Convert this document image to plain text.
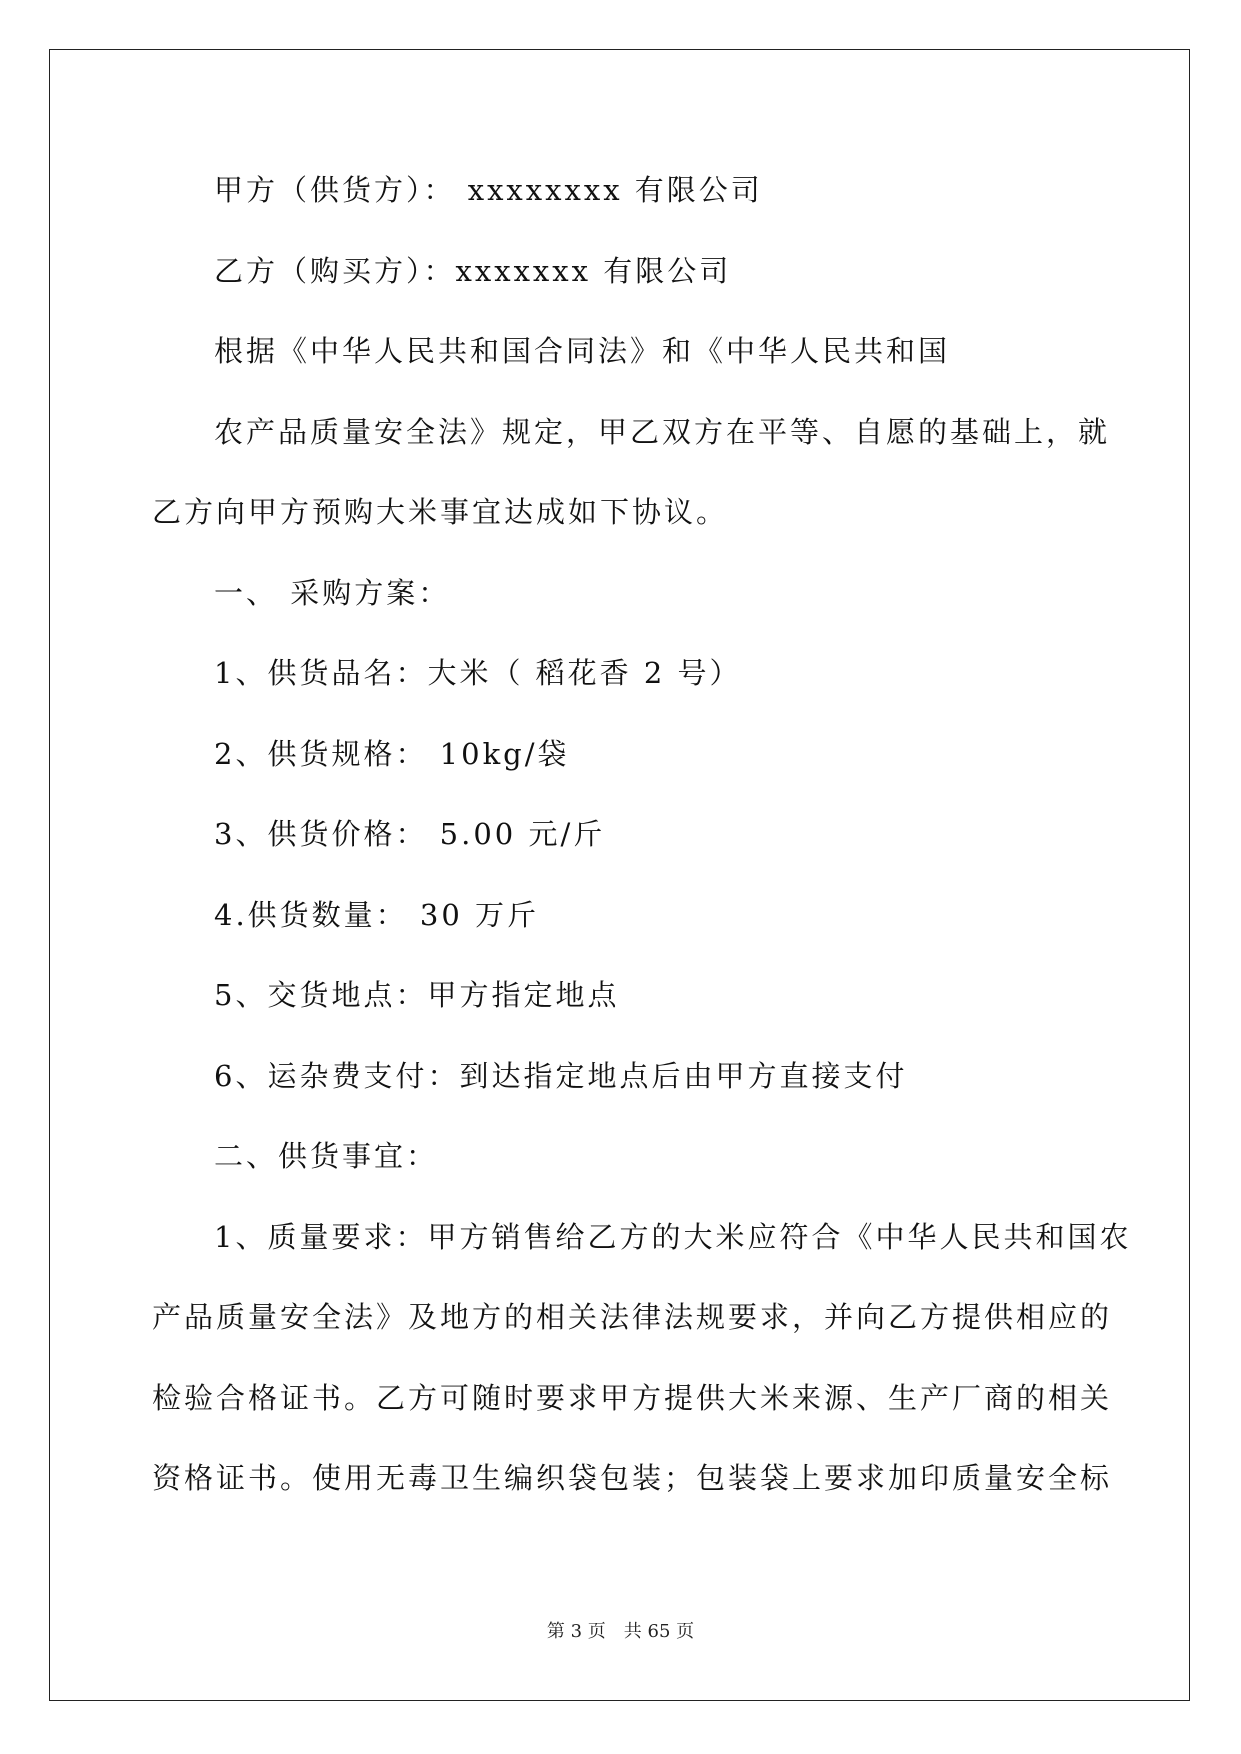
甲方（供货方）： xxxxxxxx 有限公司
乙方（购买方）：xxxxxxx 有限公司
根据《中华人民共和国合同法》和《中华人民共和国
农产品质量安全法》规定，甲乙双方在平等、自愿的基础上，就
乙方向甲方预购大米事宜达成如下协议。
一、 采购方案：
1、供货品名：大米（ 稻花香 2 号）
2、供货规格： 10kg/袋
3、供货价格： 5.00 元/斤
4.供货数量： 30 万斤
5、交货地点：甲方指定地点
6、运杂费支付：到达指定地点后由甲方直接支付
二、供货事宜：
1、质量要求：甲方销售给乙方的大米应符合《中华人民共和国农
产品质量安全法》及地方的相关法律法规要求，并向乙方提供相应的
检验合格证书。乙方可随时要求甲方提供大米来源、生产厂商的相关
资格证书。使用无毒卫生编织袋包装；包装袋上要求加印质量安全标
第 3 页　共 65 页
